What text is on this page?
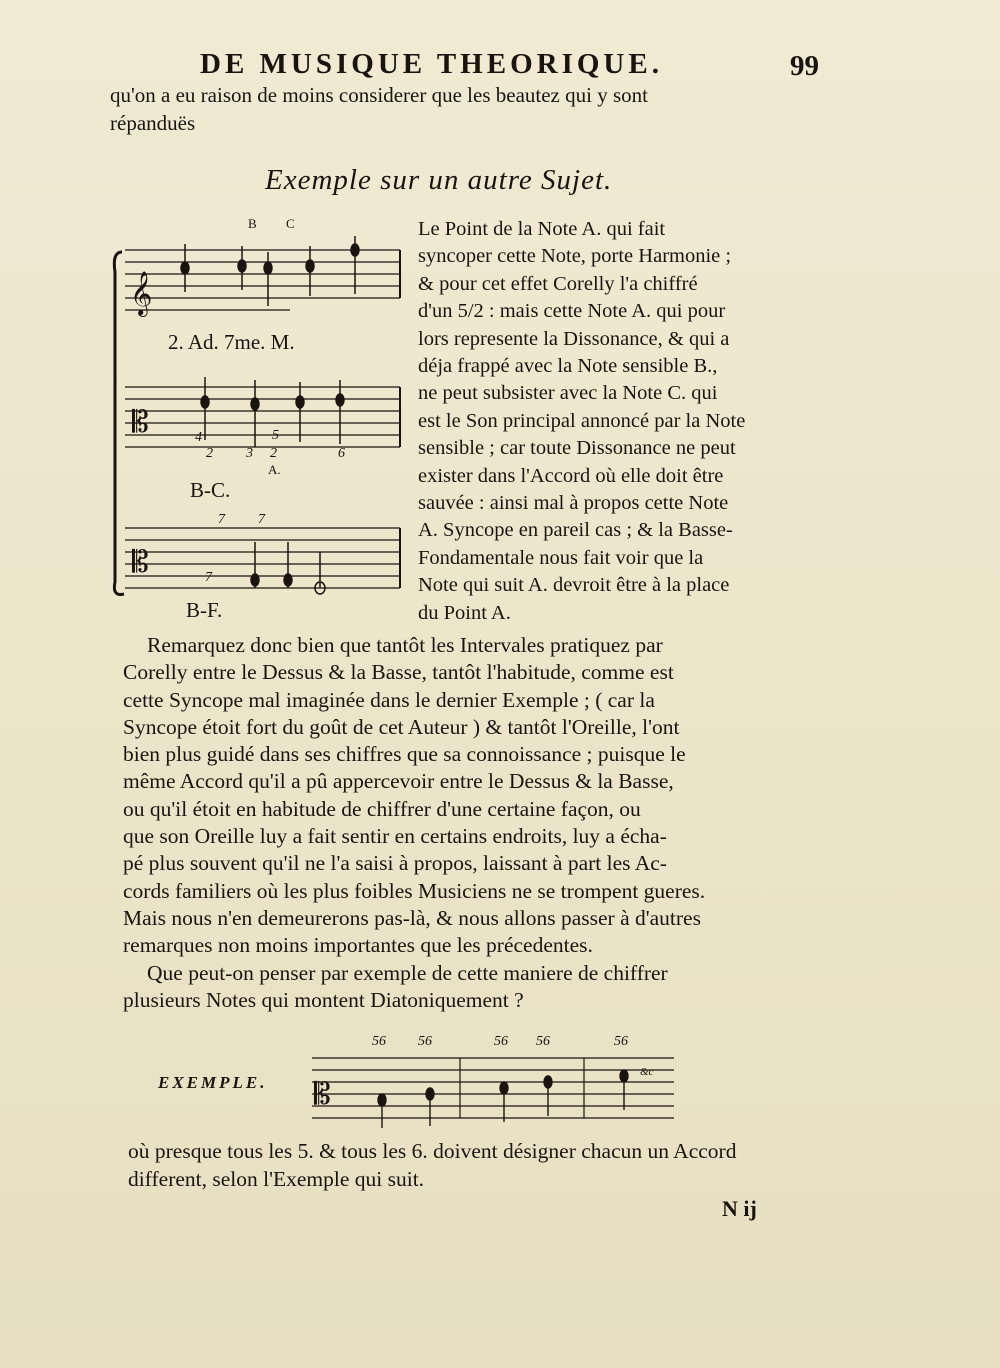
DE MUSIQUE THEORIQUE.	99
qu'on a eu raison de moins considerer que les beautez qui y sont
répanduës
Exemple sur un autre Sujet.
B C
𝄞
𝄡
𝄡
2. Ad. 7me. M.
4	5
2 3 2	6
A.
B-C.
7 7
7
B-F.
Le Point de la Note A. qui fait
syncoper cette Note, porte Harmonie ;
& pour cet effet Corelly l'a chiffré
d'un 5/2 : mais cette Note A. qui pour
lors represente la Dissonance, & qui a
déja frappé avec la Note sensible B.,
ne peut subsister avec la Note C. qui
est le Son principal annoncé par la Note
sensible ; car toute Dissonance ne peut
exister dans l'Accord où elle doit être
sauvée : ainsi mal à propos cette Note
A. Syncope en pareil cas ; & la Basse-
Fondamentale nous fait voir que la
Note qui suit A. devroit être à la place
du Point A.
Remarquez donc bien que tantôt les Intervales pratiquez par
Corelly entre le Dessus & la Basse, tantôt l'habitude, comme est
cette Syncope mal imaginée dans le dernier Exemple ; ( car la
Syncope étoit fort du goût de cet Auteur ) & tantôt l'Oreille, l'ont
bien plus guidé dans ses chiffres que sa connoissance ; puisque le
même Accord qu'il a pû appercevoir entre le Dessus & la Basse,
ou qu'il étoit en habitude de chiffrer d'une certaine façon, ou
que son Oreille luy a fait sentir en certains endroits, luy a écha-
pé plus souvent qu'il ne l'a saisi à propos, laissant à part les Ac-
cords familiers où les plus foibles Musiciens ne se trompent gueres.
Mais nous n'en demeurerons pas-là, & nous allons passer à d'autres
remarques non moins importantes que les précedentes.
Que peut-on penser par exemple de cette maniere de chiffrer
plusieurs Notes qui montent Diatoniquement ?
EXEMPLE.
56 56	56 56	56
&c
𝄡
où presque tous les 5. & tous les 6. doivent désigner chacun un Accord
different, selon l'Exemple qui suit.
N ij
